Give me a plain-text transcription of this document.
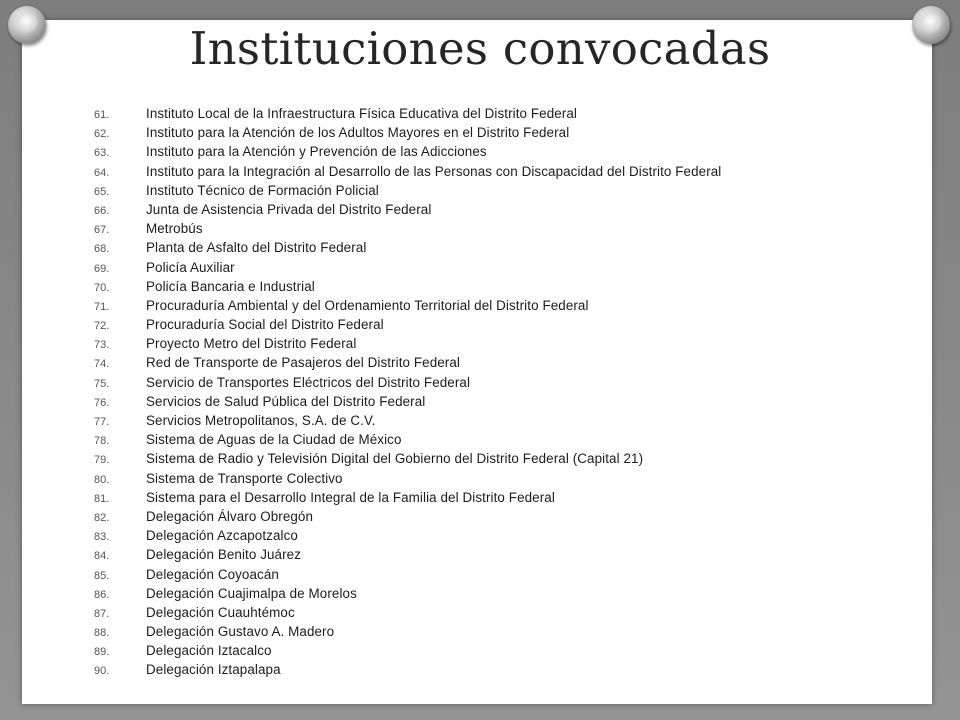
Instituciones convocadas
61.	Instituto Local de la Infraestructura Física Educativa del Distrito Federal
62.	Instituto para la Atención de los Adultos Mayores en el Distrito Federal
63.	Instituto para la Atención y Prevención de las Adicciones
64.	Instituto para la Integración al Desarrollo de las Personas con Discapacidad del Distrito Federal
65.	Instituto Técnico de Formación Policial
66.	Junta de Asistencia Privada del Distrito Federal
67.	Metrobús
68.	Planta de Asfalto del Distrito Federal
69.	Policía Auxiliar
70.	Policía Bancaria e Industrial
71.	Procuraduría Ambiental y del Ordenamiento Territorial del Distrito Federal
72.	Procuraduría Social del Distrito Federal
73.	Proyecto Metro del Distrito Federal
74.	Red de Transporte de Pasajeros del Distrito Federal
75.	Servicio de Transportes Eléctricos del Distrito Federal
76.	Servicios de Salud Pública del Distrito Federal
77.	Servicios Metropolitanos, S.A. de C.V.
78.	Sistema de Aguas de la Ciudad de México
79.	Sistema de Radio y Televisión Digital del Gobierno del Distrito Federal (Capital 21)
80.	Sistema de Transporte Colectivo
81.	Sistema para el Desarrollo Integral de la Familia del Distrito Federal
82.	Delegación Álvaro Obregón
83.	Delegación Azcapotzalco
84.	Delegación Benito Juárez
85.	Delegación Coyoacán
86.	Delegación Cuajimalpa de Morelos
87.	Delegación Cuauhtémoc
88.	Delegación Gustavo A. Madero
89.	Delegación Iztacalco
90.	Delegación Iztapalapa
